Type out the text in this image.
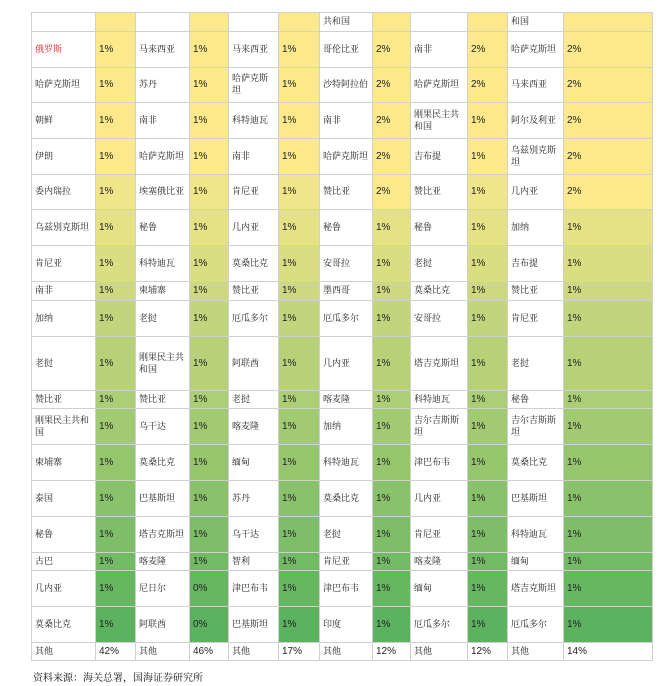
						共和国				和国	
俄罗斯	1%	马来西亚	1%	马来西亚	1%	哥伦比亚	2%	南非	2%	哈萨克斯坦	2%
哈萨克斯坦	1%	苏丹	1%	哈萨克斯坦	1%	沙特阿拉伯	2%	哈萨克斯坦	2%	马来西亚	2%
朝鲜	1%	南非	1%	科特迪瓦	1%	南非	2%	刚果民主共和国	1%	阿尔及利亚	2%
伊朗	1%	哈萨克斯坦	1%	南非	1%	哈萨克斯坦	2%	吉布提	1%	乌兹别克斯坦	2%
委内瑞拉	1%	埃塞俄比亚	1%	肯尼亚	1%	赞比亚	2%	赞比亚	1%	几内亚	2%
乌兹别克斯坦	1%	秘鲁	1%	几内亚	1%	秘鲁	1%	秘鲁	1%	加纳	1%
肯尼亚	1%	科特迪瓦	1%	莫桑比克	1%	安哥拉	1%	老挝	1%	吉布提	1%
南非	1%	柬埔寨	1%	赞比亚	1%	墨西哥	1%	莫桑比克	1%	赞比亚	1%
加纳	1%	老挝	1%	厄瓜多尔	1%	厄瓜多尔	1%	安哥拉	1%	肯尼亚	1%
老挝	1%	刚果民主共和国	1%	阿联酋	1%	几内亚	1%	塔吉克斯坦	1%	老挝	1%
赞比亚	1%	赞比亚	1%	老挝	1%	喀麦隆	1%	科特迪瓦	1%	秘鲁	1%
刚果民主共和国	1%	乌干达	1%	喀麦隆	1%	加纳	1%	吉尔吉斯斯坦	1%	吉尔吉斯斯坦	1%
柬埔寨	1%	莫桑比克	1%	缅甸	1%	科特迪瓦	1%	津巴布韦	1%	莫桑比克	1%
泰国	1%	巴基斯坦	1%	苏丹	1%	莫桑比克	1%	几内亚	1%	巴基斯坦	1%
秘鲁	1%	塔吉克斯坦	1%	乌干达	1%	老挝	1%	肯尼亚	1%	科特迪瓦	1%
古巴	1%	喀麦隆	1%	智利	1%	肯尼亚	1%	喀麦隆	1%	缅甸	1%
几内亚	1%	尼日尔	0%	津巴布韦	1%	津巴布韦	1%	缅甸	1%	塔吉克斯坦	1%
莫桑比克	1%	阿联酋	0%	巴基斯坦	1%	印度	1%	厄瓜多尔	1%	厄瓜多尔	1%
其他	42%	其他	46%	其他	17%	其他	12%	其他	12%	其他	14%
资料来源：海关总署，国海证券研究所
